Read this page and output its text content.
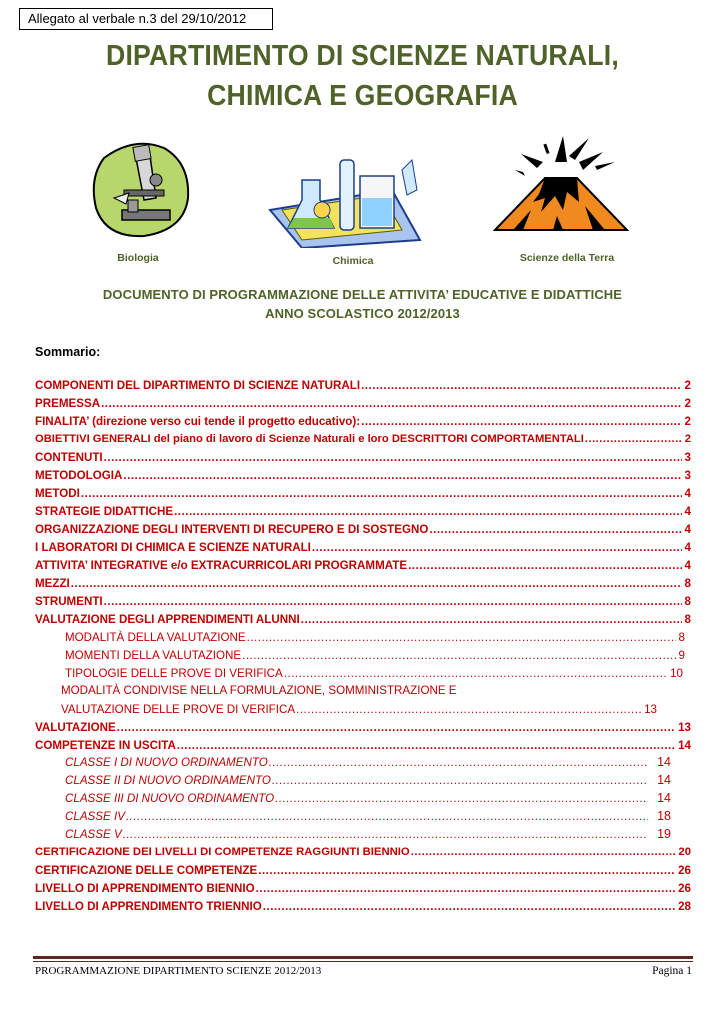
Allegato al verbale n.3 del 29/10/2012
DIPARTIMENTO DI SCIENZE NATURALI,
CHIMICA E GEOGRAFIA
Biologia	Chimica	Scienze della Terra
DOCUMENTO DI PROGRAMMAZIONE DELLE ATTIVITA’ EDUCATIVE E DIDATTICHE
ANNO SCOLASTICO 2012/2013
Sommario:
COMPONENTI DEL DIPARTIMENTO DI SCIENZE NATURALI .....	2
PREMESSA .....	2
FINALITA’ (direzione verso cui tende il progetto educativo): .....	2
OBIETTIVI GENERALI del piano di lavoro di Scienze Naturali e loro DESCRITTORI COMPORTAMENTALI .....	2
CONTENUTI .....	3
METODOLOGIA .....	3
METODI .....	4
STRATEGIE DIDATTICHE .....	4
ORGANIZZAZIONE DEGLI INTERVENTI DI RECUPERO E DI SOSTEGNO .....	4
I LABORATORI DI CHIMICA E SCIENZE NATURALI .....	4
ATTIVITA’ INTEGRATIVE e/o EXTRACURRICOLARI PROGRAMMATE .....	4
MEZZI .....	8
STRUMENTI .....	8
VALUTAZIONE DEGLI APPRENDIMENTI ALUNNI .....	8
MODALITÀ DELLA VALUTAZIONE .....	8
MOMENTI DELLA VALUTAZIONE .....	9
TIPOLOGIE DELLE PROVE DI VERIFICA .....	10
MODALITÀ CONDIVISE NELLA FORMULAZIONE, SOMMINISTRAZIONE E
VALUTAZIONE DELLE PROVE DI VERIFICA .....	13
VALUTAZIONE .....	13
COMPETENZE IN USCITA .....	14
CLASSE I DI NUOVO ORDINAMENTO .....	14
CLASSE II DI NUOVO ORDINAMENTO .....	14
CLASSE III DI NUOVO ORDINAMENTO .....	14
CLASSE IV .....	18
CLASSE V .....	19
CERTIFICAZIONE DEI LIVELLI DI COMPETENZE RAGGIUNTI BIENNIO .....	20
CERTIFICAZIONE DELLE COMPETENZE .....	26
LIVELLO DI APPRENDIMENTO BIENNIO .....	26
LIVELLO DI APPRENDIMENTO TRIENNIO .....	28
PROGRAMMAZIONE DIPARTIMENTO SCIENZE 2012/2013	Pagina 1
